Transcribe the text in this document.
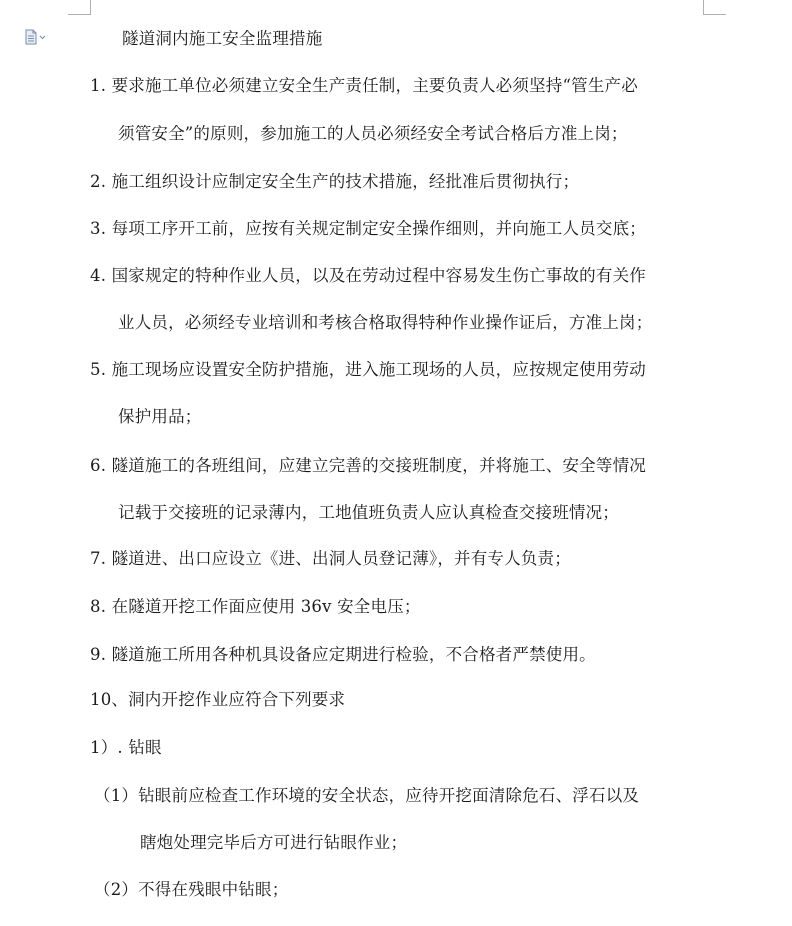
隧道洞内施工安全监理措施
1. 要求施工单位必须建立安全生产责任制，主要负责人必须坚持“管生产必
须管安全”的原则，参加施工的人员必须经安全考试合格后方准上岗；
2. 施工组织设计应制定安全生产的技术措施，经批准后贯彻执行；
3. 每项工序开工前，应按有关规定制定安全操作细则，并向施工人员交底；
4. 国家规定的特种作业人员，以及在劳动过程中容易发生伤亡事故的有关作
业人员，必须经专业培训和考核合格取得特种作业操作证后，方准上岗；
5. 施工现场应设置安全防护措施，进入施工现场的人员，应按规定使用劳动
保护用品；
6. 隧道施工的各班组间，应建立完善的交接班制度，并将施工、安全等情况
记载于交接班的记录薄内，工地值班负责人应认真检查交接班情况；
7. 隧道进、出口应设立《进、出洞人员登记薄》，并有专人负责；
8. 在隧道开挖工作面应使用 36v 安全电压；
9. 隧道施工所用各种机具设备应定期进行检验，不合格者严禁使用。
10、洞内开挖作业应符合下列要求
1）. 钻眼
（1）钻眼前应检查工作环境的安全状态，应待开挖面清除危石、浮石以及
瞎炮处理完毕后方可进行钻眼作业；
（2）不得在残眼中钻眼；
